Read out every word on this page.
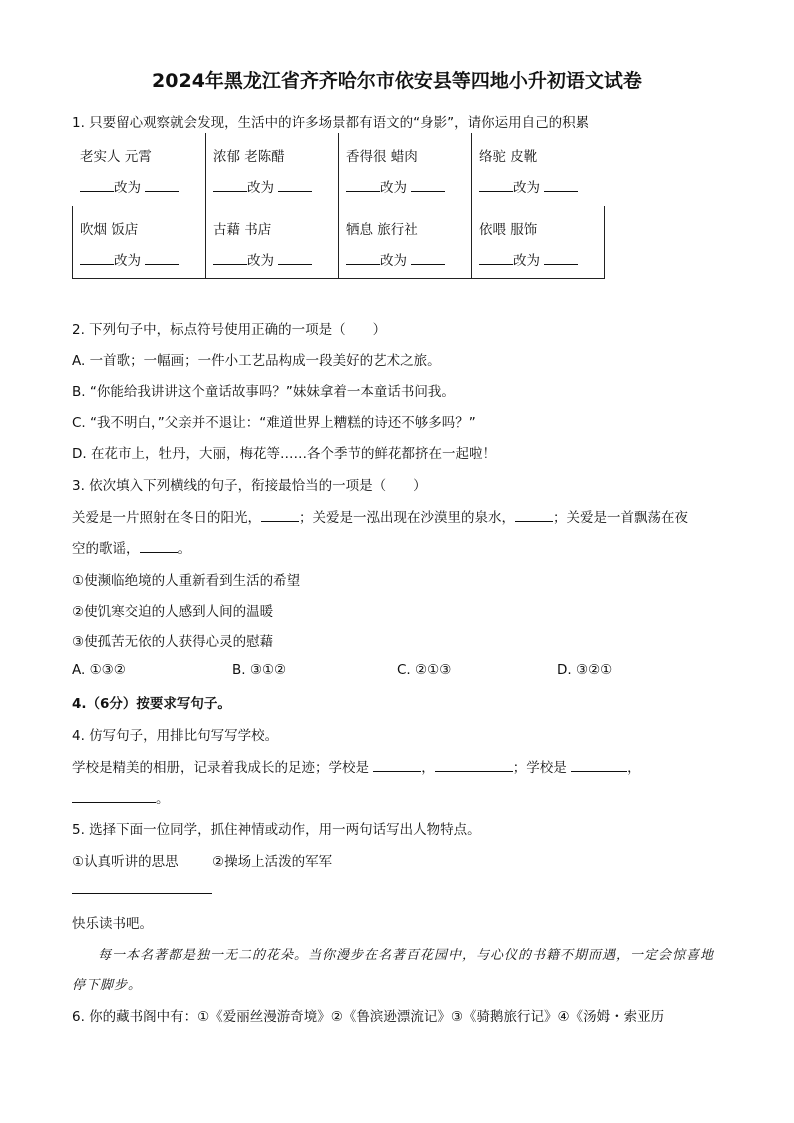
2024年黑龙江省齐齐哈尔市依安县等四地小升初语文试卷
1. 只要留心观察就会发现，生活中的许多场景都有语文的“身影”，请你运用自己的积累
老实人 元霄
改为
浓郁 老陈醋
改为
香得很 蜡肉
改为
络驼 皮靴
改为
吹烟 饭店
改为
古藉 书店
改为
牺息 旅行社
改为
依喂 服饰
改为
2. 下列句子中，标点符号使用正确的一项是（　　）
A. 一首歌；一幅画；一件小工艺品构成一段美好的艺术之旅。
B. “你能给我讲讲这个童话故事吗？”妹妹拿着一本童话书问我。
C. “我不明白，”父亲并不退让：“难道世界上糟糕的诗还不够多吗？”
D. 在花市上，牡丹，大丽，梅花等……各个季节的鲜花都挤在一起啦！
3. 依次填入下列横线的句子，衔接最恰当的一项是（　　）
关爱是一片照射在冬日的阳光，	；关爱是一泓出现在沙漠里的泉水，	；关爱是一首飘荡在夜
空的歌谣，	。
①使濒临绝境的人重新看到生活的希望
②使饥寒交迫的人感到人间的温暖
③使孤苦无依的人获得心灵的慰藉
A. ①③②	B. ③①②	C. ②①③	D. ③②①
4.（6分）按要求写句子。
4. 仿写句子，用排比句写写学校。
学校是精美的相册，记录着我成长的足迹；学校是	，	；学校是	，
。
5. 选择下面一位同学，抓住神情或动作，用一两句话写出人物特点。
①认真听讲的思思 ②操场上活泼的军军
快乐读书吧。
每一本名著都是独一无二的花朵。当你漫步在名著百花园中，与心仪的书籍不期而遇，一定会惊喜地
停下脚步。
6. 你的藏书阁中有：①《爱丽丝漫游奇境》②《鲁滨逊漂流记》③《骑鹅旅行记》④《汤姆・索亚历
